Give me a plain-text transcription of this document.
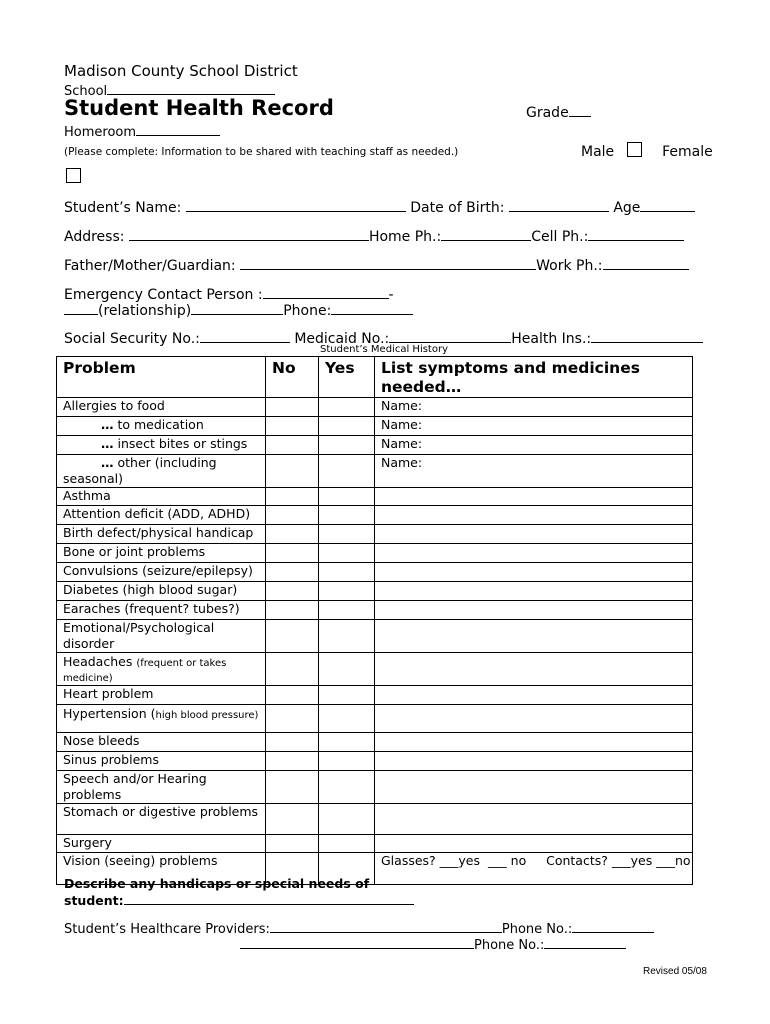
Madison County School District
School
Student Health Record	Grade
Homeroom
(Please complete: Information to be shared with teaching staff as needed.)	Male	Female
Student’s Name:	Date of Birth:	Age
Address:	Home Ph.:	Cell Ph.:
Father/Mother/Guardian:	Work Ph.:
Emergency Contact Person :	-
(relationship)	Phone:
Social Security No.:	Medicaid No.:	Health Ins.:
Student’s Medical History
Problem	No	Yes	List symptoms and medicines needed…
Allergies to food			Name:
… to medication			Name:
… insect bites or stings			Name:
… other (including seasonal)			Name:
Asthma			
Attention deficit (ADD, ADHD)			
Birth defect/physical handicap			
Bone or joint problems			
Convulsions (seizure/epilepsy)			
Diabetes (high blood sugar)			
Earaches (frequent? tubes?)			
Emotional/Psychological disorder			
Headaches (frequent or takes medicine)			
Heart problem			
Hypertension (high blood pressure)			
Nose bleeds			
Sinus problems			
Speech and/or Hearing problems			
Stomach or digestive problems			
Surgery			
Vision (seeing) problems			Glasses? ___yes  ___ no     Contacts? ___yes ___no
Describe any handicaps or special needs of
student:
Student’s Healthcare Providers:	Phone No.:
Phone No.:
Revised 05/08
